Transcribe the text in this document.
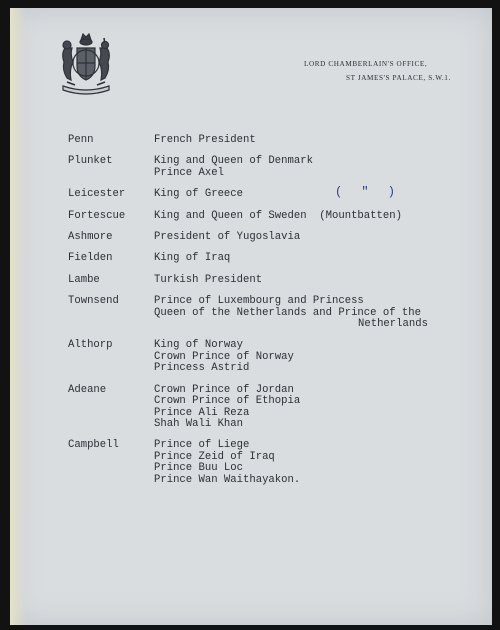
LORD CHAMBERLAIN'S OFFICE,
ST JAMES'S PALACE, S.W.1.
( " )
Penn	French President
Plunket	King and Queen of Denmark
Prince Axel
Leicester	King of Greece
Fortescue	King and Queen of Sweden  (Mountbatten)
Ashmore	President of Yugoslavia
Fielden	King of Iraq
Lambe	Turkish President
Townsend	Prince of Luxembourg and Princess
Queen of the Netherlands and Prince of the
Netherlands
Althorp	King of Norway
Crown Prince of Norway
Princess Astrid
Adeane	Crown Prince of Jordan
Crown Prince of Ethopia
Prince Ali Reza
Shah Wali Khan
Campbell	Prince of Liege
Prince Zeid of Iraq
Prince Buu Loc
Prince Wan Waithayakon.
